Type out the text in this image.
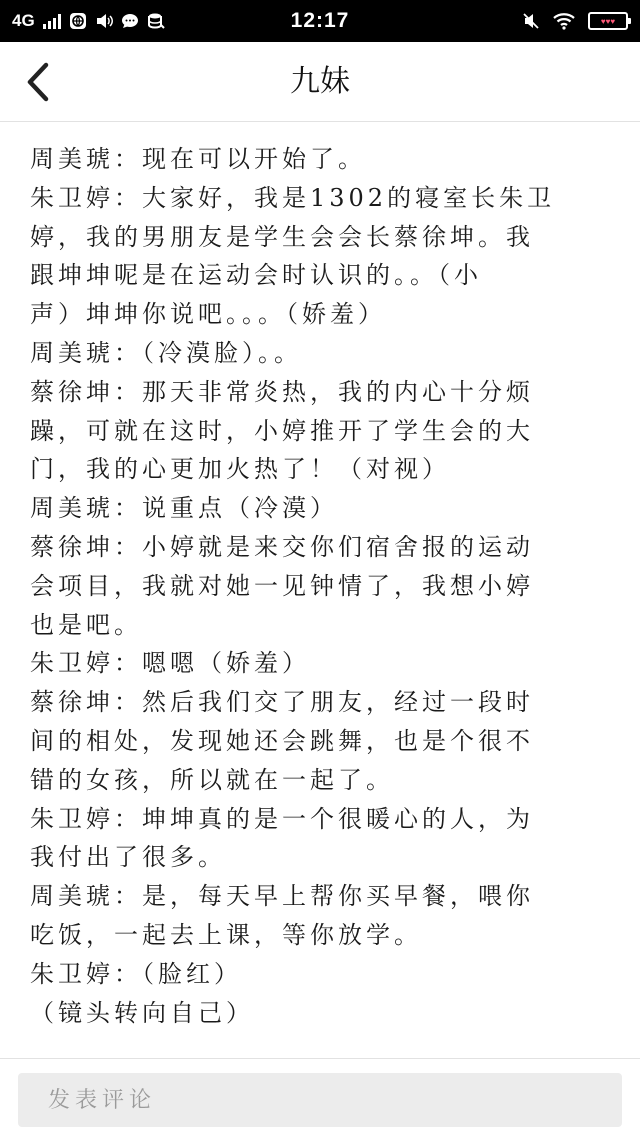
4G	12:17	♥♥♥
九妹

周美琥：现在可以开始了。

朱卫婷：大家好，我是1302的寝室长朱卫

婷，我的男朋友是学生会会长蔡徐坤。我

跟坤坤呢是在运动会时认识的。。（小

声）坤坤你说吧。。。（娇羞）

周美琥：（冷漠脸）。。

蔡徐坤：那天非常炎热，我的内心十分烦

躁，可就在这时，小婷推开了学生会的大

门，我的心更加火热了！（对视）

周美琥：说重点（冷漠）

蔡徐坤：小婷就是来交你们宿舍报的运动

会项目，我就对她一见钟情了，我想小婷

也是吧。

朱卫婷：嗯嗯（娇羞）

蔡徐坤：然后我们交了朋友，经过一段时

间的相处，发现她还会跳舞，也是个很不

错的女孩，所以就在一起了。

朱卫婷：坤坤真的是一个很暖心的人，为

我付出了很多。

周美琥：是，每天早上帮你买早餐，喂你

吃饭，一起去上课，等你放学。

朱卫婷：（脸红）

（镜头转向自己）

发表评论
